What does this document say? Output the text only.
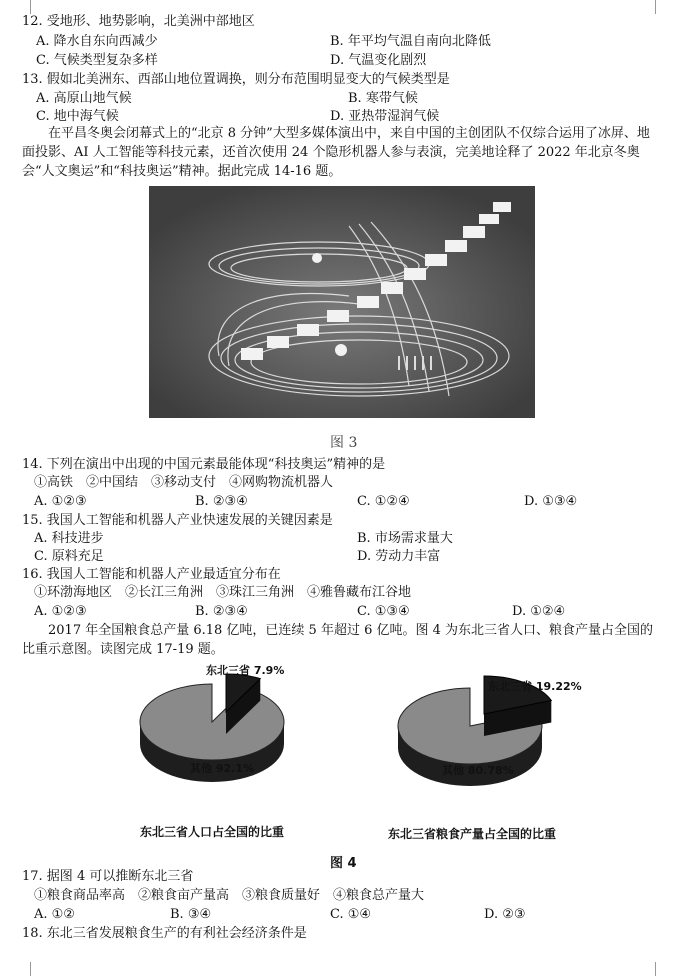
12. 受地形、地势影响，北美洲中部地区
A. 降水自东向西减少	B. 年平均气温自南向北降低
C. 气候类型复杂多样	D. 气温变化剧烈
13. 假如北美洲东、西部山地位置调换，则分布范围明显变大的气候类型是
A. 高原山地气候	B. 寒带气候
C. 地中海气候	D. 亚热带湿润气候
在平昌冬奥会闭幕式上的“北京 8 分钟”大型多媒体演出中，来自中国的主创团队不仅综合运用了冰屏、地面投影、AI 人工智能等科技元素，还首次使用 24 个隐形机器人参与表演，完美地诠释了 2022 年北京冬奥会“人文奥运”和“科技奥运”精神。据此完成 14-16 题。
图 3
14. 下列在演出中出现的中国元素最能体现“科技奥运”精神的是
①高铁　②中国结　③移动支付　④网购物流机器人
A. ①②③	B. ②③④	C. ①②④	D. ①③④
15. 我国人工智能和机器人产业快速发展的关键因素是
A. 科技进步	B. 市场需求量大
C. 原料充足	D. 劳动力丰富
16. 我国人工智能和机器人产业最适宜分布在
①环渤海地区　②长江三角洲　③珠江三角洲　④雅鲁藏布江谷地
A. ①②③	B. ②③④	C. ①③④	D. ①②④
2017 年全国粮食总产量 6.18 亿吨，已连续 5 年超过 6 亿吨。图 4 为东北三省人口、粮食产量占全国的比重示意图。读图完成 17-19 题。
东北三省 7.9%
其他 92.1%
东北三省 19.22%
其他 80.78%
东北三省人口占全国的比重	东北三省粮食产量占全国的比重
图 4
17. 据图 4 可以推断东北三省
①粮食商品率高　②粮食亩产量高　③粮食质量好　④粮食总产量大
A. ①②	B. ③④	C. ①④	D. ②③
18. 东北三省发展粮食生产的有利社会经济条件是
